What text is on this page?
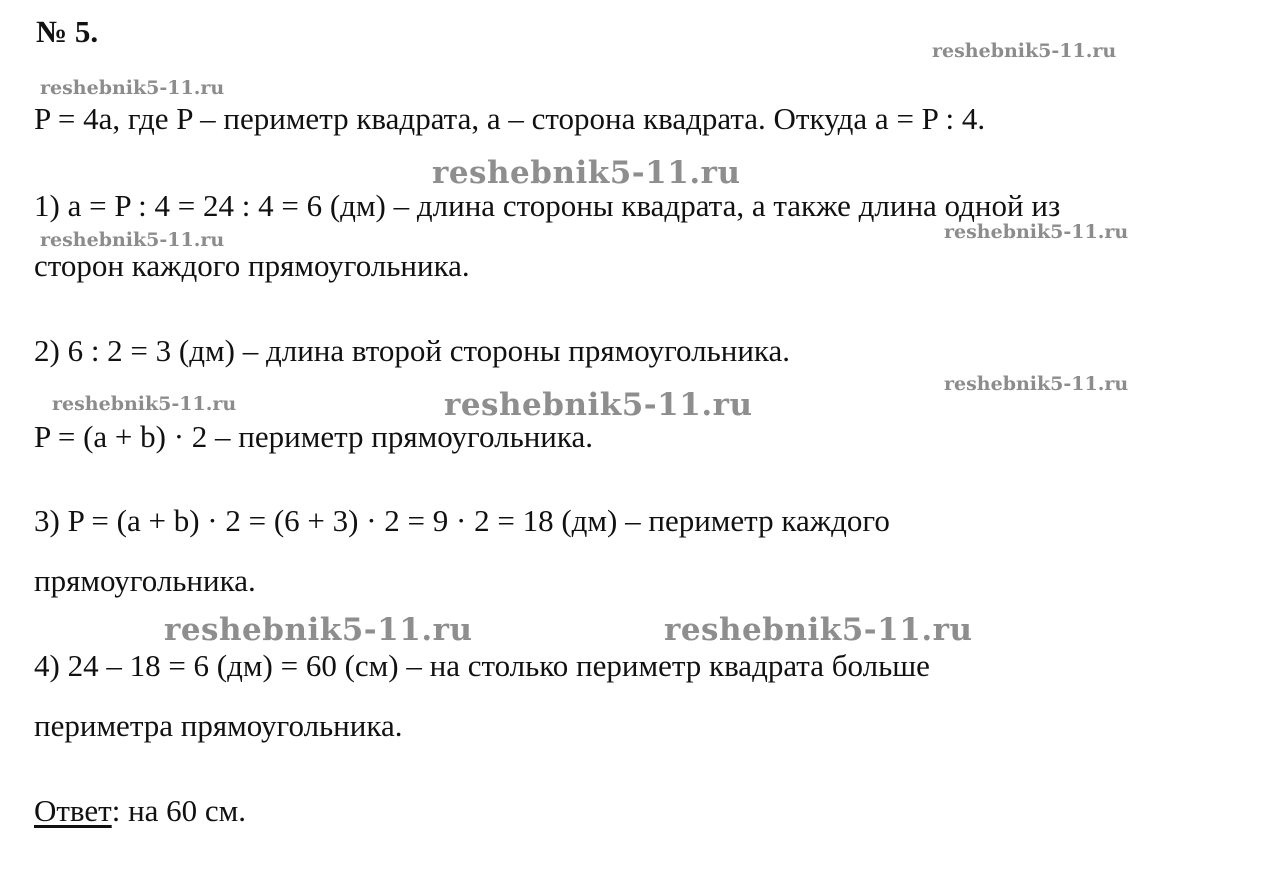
№ 5.
P = 4a, где P – периметр квадрата, a – сторона квадрата. Откуда a = P : 4.
1) a = P : 4 = 24 : 4 = 6 (дм) – длина стороны квадрата, а также длина одной из
сторон каждого прямоугольника.
2) 6 : 2 = 3 (дм) – длина второй стороны прямоугольника.
P = (a + b) · 2 – периметр прямоугольника.
3) P = (a + b) · 2 = (6 + 3) · 2 = 9 · 2 = 18 (дм) – периметр каждого
прямоугольника.
4) 24 – 18 = 6 (дм) = 60 (см) – на столько периметр квадрата больше
периметра прямоугольника.
Ответ: на 60 см.
reshebnik5-11.ru
reshebnik5-11.ru
reshebnik5-11.ru
reshebnik5-11.ru	reshebnik5-11.ru
reshebnik5-11.ru
reshebnik5-11.ru	reshebnik5-11.ru
reshebnik5-11.ru	reshebnik5-11.ru
